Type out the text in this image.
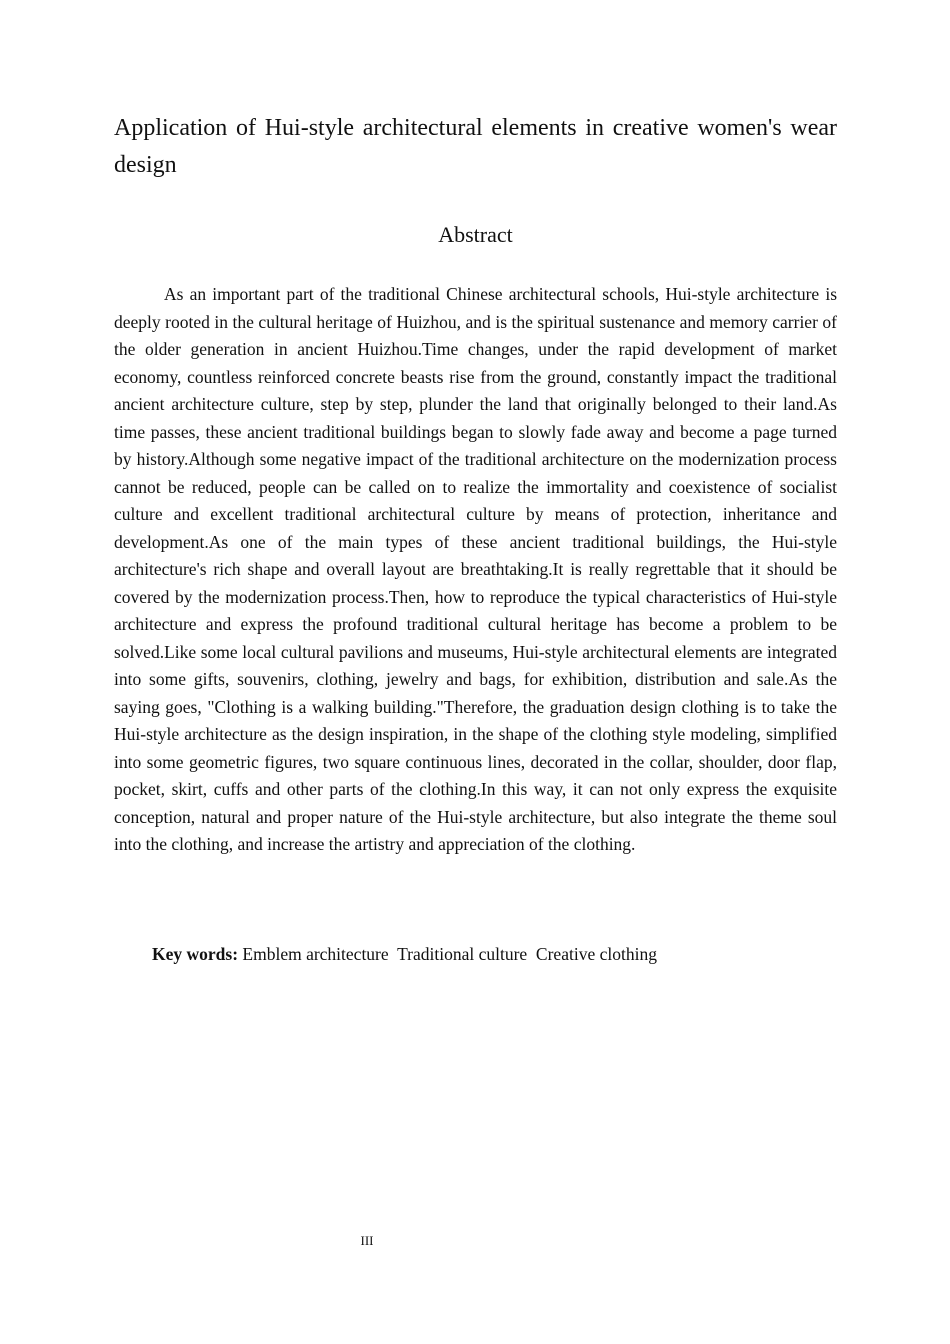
Application of Hui-style architectural elements in creative women's wear design
Abstract

As an important part of the traditional Chinese architectural schools, Hui-style architecture is deeply rooted in the cultural heritage of Huizhou, and is the spiritual sustenance and memory carrier of the older generation in ancient Huizhou.Time changes, under the rapid development of market economy, countless reinforced concrete beasts rise from the ground, constantly impact the traditional ancient architecture culture, step by step, plunder the land that originally belonged to their land.As time passes, these ancient traditional buildings began to slowly fade away and become a page turned by history.Although some negative impact of the traditional architecture on the modernization process cannot be reduced, people can be called on to realize the immortality and coexistence of socialist culture and excellent traditional architectural culture by means of protection, inheritance and development.As one of the main types of these ancient traditional buildings, the Hui-style architecture's rich shape and overall layout are breathtaking.It is really regrettable that it should be covered by the modernization process.Then, how to reproduce the typical characteristics of Hui-style architecture and express the profound traditional cultural heritage has become a problem to be solved.Like some local cultural pavilions and museums, Hui-style architectural elements are integrated into some gifts, souvenirs, clothing, jewelry and bags, for exhibition, distribution and sale.As the saying goes, "Clothing is a walking building."Therefore, the graduation design clothing is to take the Hui-style architecture as the design inspiration, in the shape of the clothing style modeling, simplified into some geometric figures, two square continuous lines, decorated in the collar, shoulder, door flap, pocket, skirt, cuffs and other parts of the clothing.In this way, it can not only express the exquisite conception, natural and proper nature of the Hui-style architecture, but also integrate the theme soul into the clothing, and increase the artistry and appreciation of the clothing.

Key words: Emblem architecture  Traditional culture  Creative clothing

III
